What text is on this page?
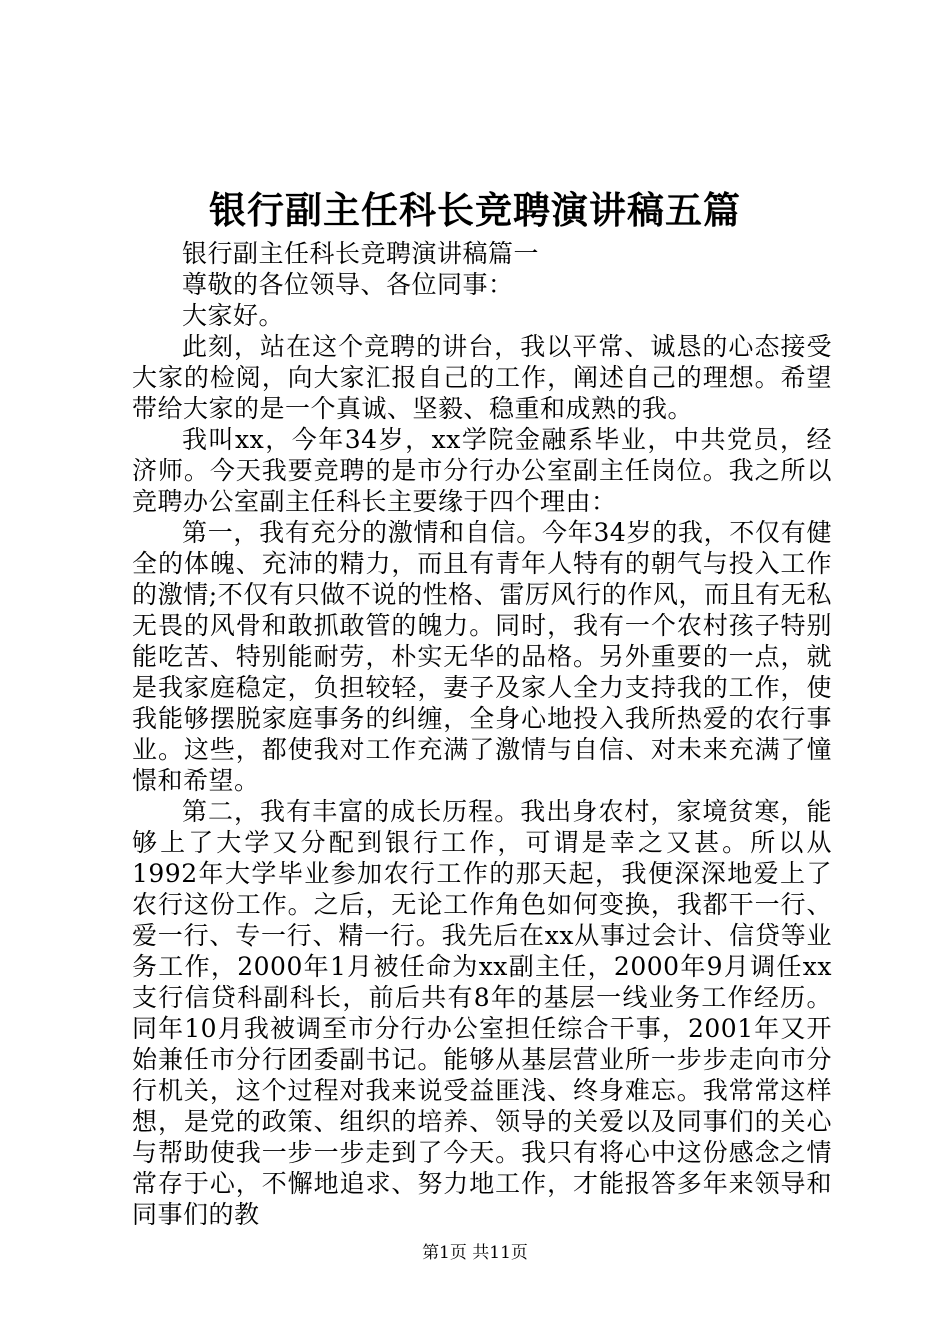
银行副主任科长竞聘演讲稿五篇

银行副主任科长竞聘演讲稿篇一

尊敬的各位领导、各位同事：

大家好。

此刻，站在这个竞聘的讲台，我以平常、诚恳的心态接受大家的检阅，向大家汇报自己的工作，阐述自己的理想。希望带给大家的是一个真诚、坚毅、稳重和成熟的我。

我叫xx，今年34岁，xx学院金融系毕业，中共党员，经济师。今天我要竞聘的是市分行办公室副主任岗位。我之所以竞聘办公室副主任科长主要缘于四个理由：

第一，我有充分的激情和自信。今年34岁的我，不仅有健全的体魄、充沛的精力，而且有青年人特有的朝气与投入工作的激情;不仅有只做不说的性格、雷厉风行的作风，而且有无私无畏的风骨和敢抓敢管的魄力。同时，我有一个农村孩子特别能吃苦、特别能耐劳，朴实无华的品格。另外重要的一点，就是我家庭稳定，负担较轻，妻子及家人全力支持我的工作，使我能够摆脱家庭事务的纠缠，全身心地投入我所热爱的农行事业。这些，都使我对工作充满了激情与自信、对未来充满了憧憬和希望。

第二，我有丰富的成长历程。我出身农村，家境贫寒，能够上了大学又分配到银行工作，可谓是幸之又甚。所以从1992年大学毕业参加农行工作的那天起，我便深深地爱上了农行这份工作。之后，无论工作角色如何变换，我都干一行、爱一行、专一行、精一行。我先后在xx从事过会计、信贷等业务工作，2000年1月被任命为xx副主任，2000年9月调任xx支行信贷科副科长，前后共有8年的基层一线业务工作经历。同年10月我被调至市分行办公室担任综合干事，2001年又开始兼任市分行团委副书记。能够从基层营业所一步步走向市分行机关，这个过程对我来说受益匪浅、终身难忘。我常常这样想，是党的政策、组织的培养、领导的关爱以及同事们的关心与帮助使我一步一步走到了今天。我只有将心中这份感念之情常存于心，不懈地追求、努力地工作，才能报答多年来领导和同事们的教

第1页 共11页
